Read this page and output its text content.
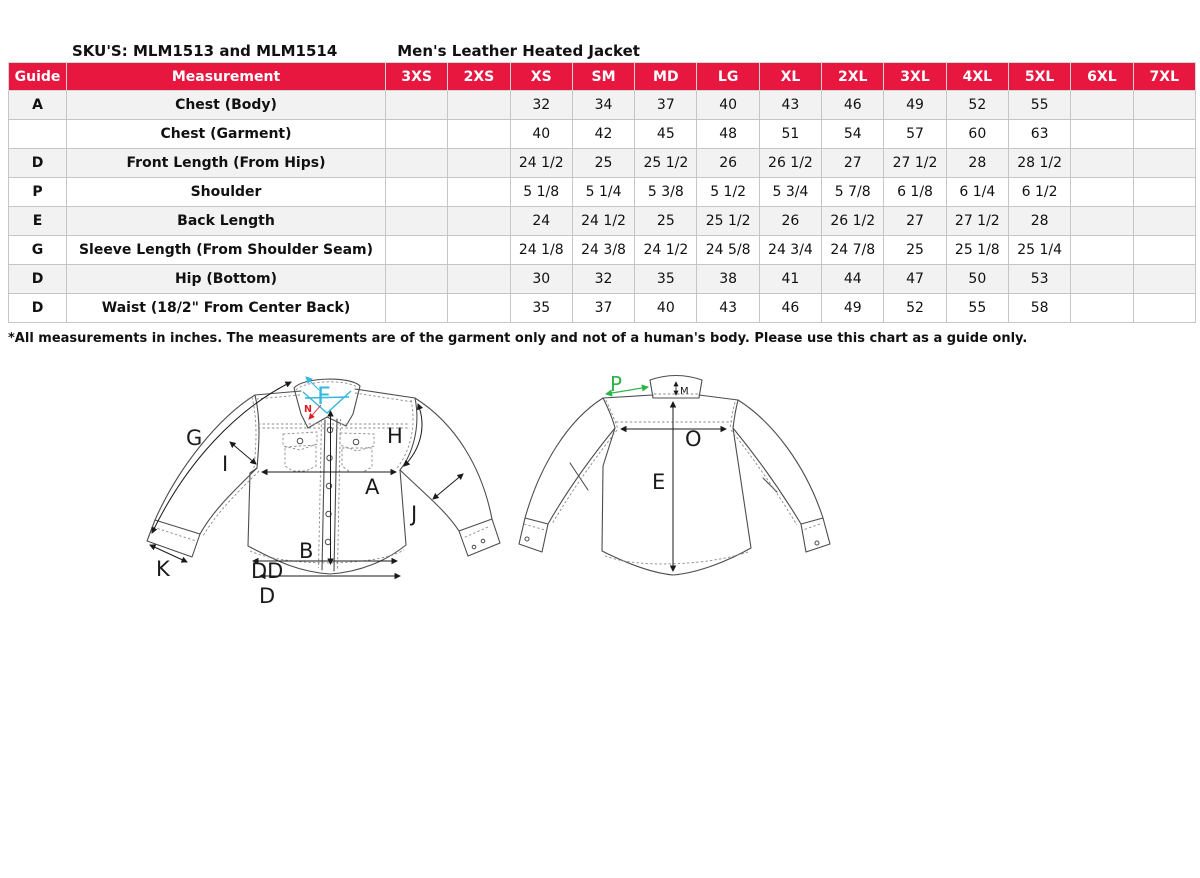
SKU'S: MLM1513 and MLM1514	Men's Leather Heated Jacket
Guide	Measurement	3XS	2XS	XS	SM	MD	LG	XL	2XL	3XL	4XL	5XL	6XL	7XL
A	Chest (Body)			32	34	37	40	43	46	49	52	55		
	Chest (Garment)			40	42	45	48	51	54	57	60	63		
D	Front Length (From Hips)			24 1/2	25	25 1/2	26	26 1/2	27	27 1/2	28	28 1/2		
P	Shoulder			5 1/8	5 1/4	5 3/8	5 1/2	5 3/4	5 7/8	6 1/8	6 1/4	6 1/2		
E	Back Length			24	24 1/2	25	25 1/2	26	26 1/2	27	27 1/2	28		
G	Sleeve Length (From Shoulder Seam)			24 1/8	24 3/8	24 1/2	24 5/8	24 3/4	24 7/8	25	25 1/8	25 1/4		
D	Hip (Bottom)			30	32	35	38	41	44	47	50	53		
D	Waist (18/2" From Center Back)			35	37	40	43	46	49	52	55	58		
*All measurements in inches. The measurements are of the garment only and not of a human's body. Please use this chart as a guide only.
G
I
F
N
H
A
J
B
K	DD
D
P	M
O
E
